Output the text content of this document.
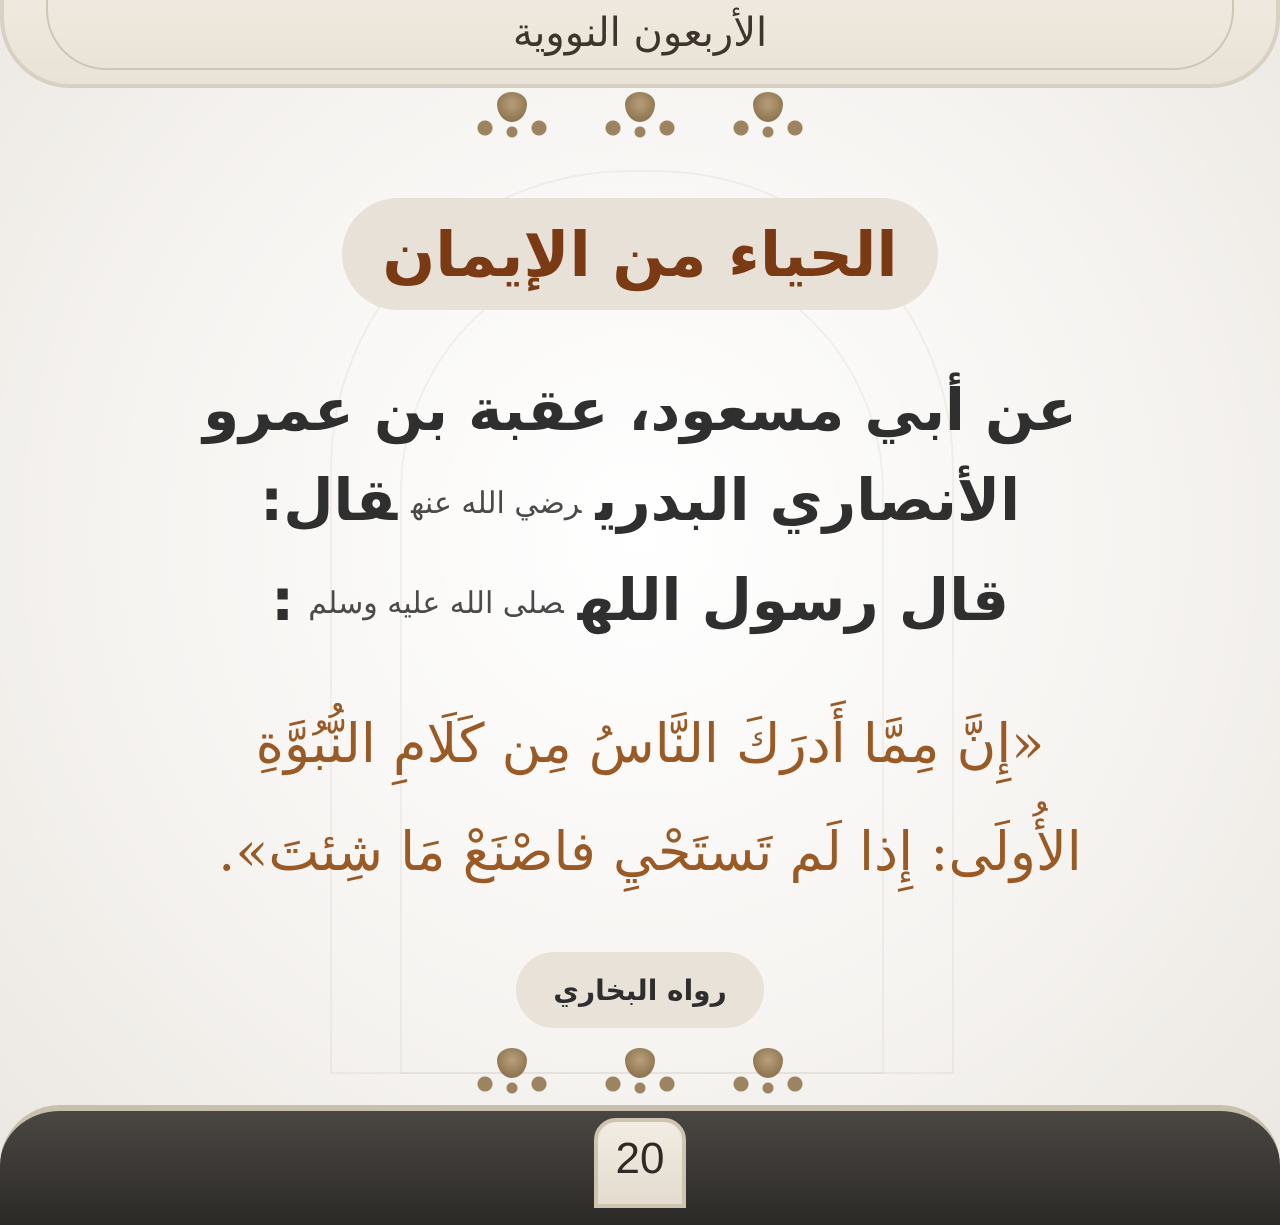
الأربعون النووية
الحياء من الإيمان
عن أبي مسعود، عقبة بن عمرو
الأنصاري البدريرضي الله عنهقال:
قال رسول اللهصلى الله عليه وسلم:
«إِنَّ مِمَّا أَدرَكَ النَّاسُ مِن كَلَامِ النُّبُوَّةِ
الأُولَى: إِذا لَم تَستَحْيِ فاصْنَعْ مَا شِئتَ».
رواه البخاري
20
